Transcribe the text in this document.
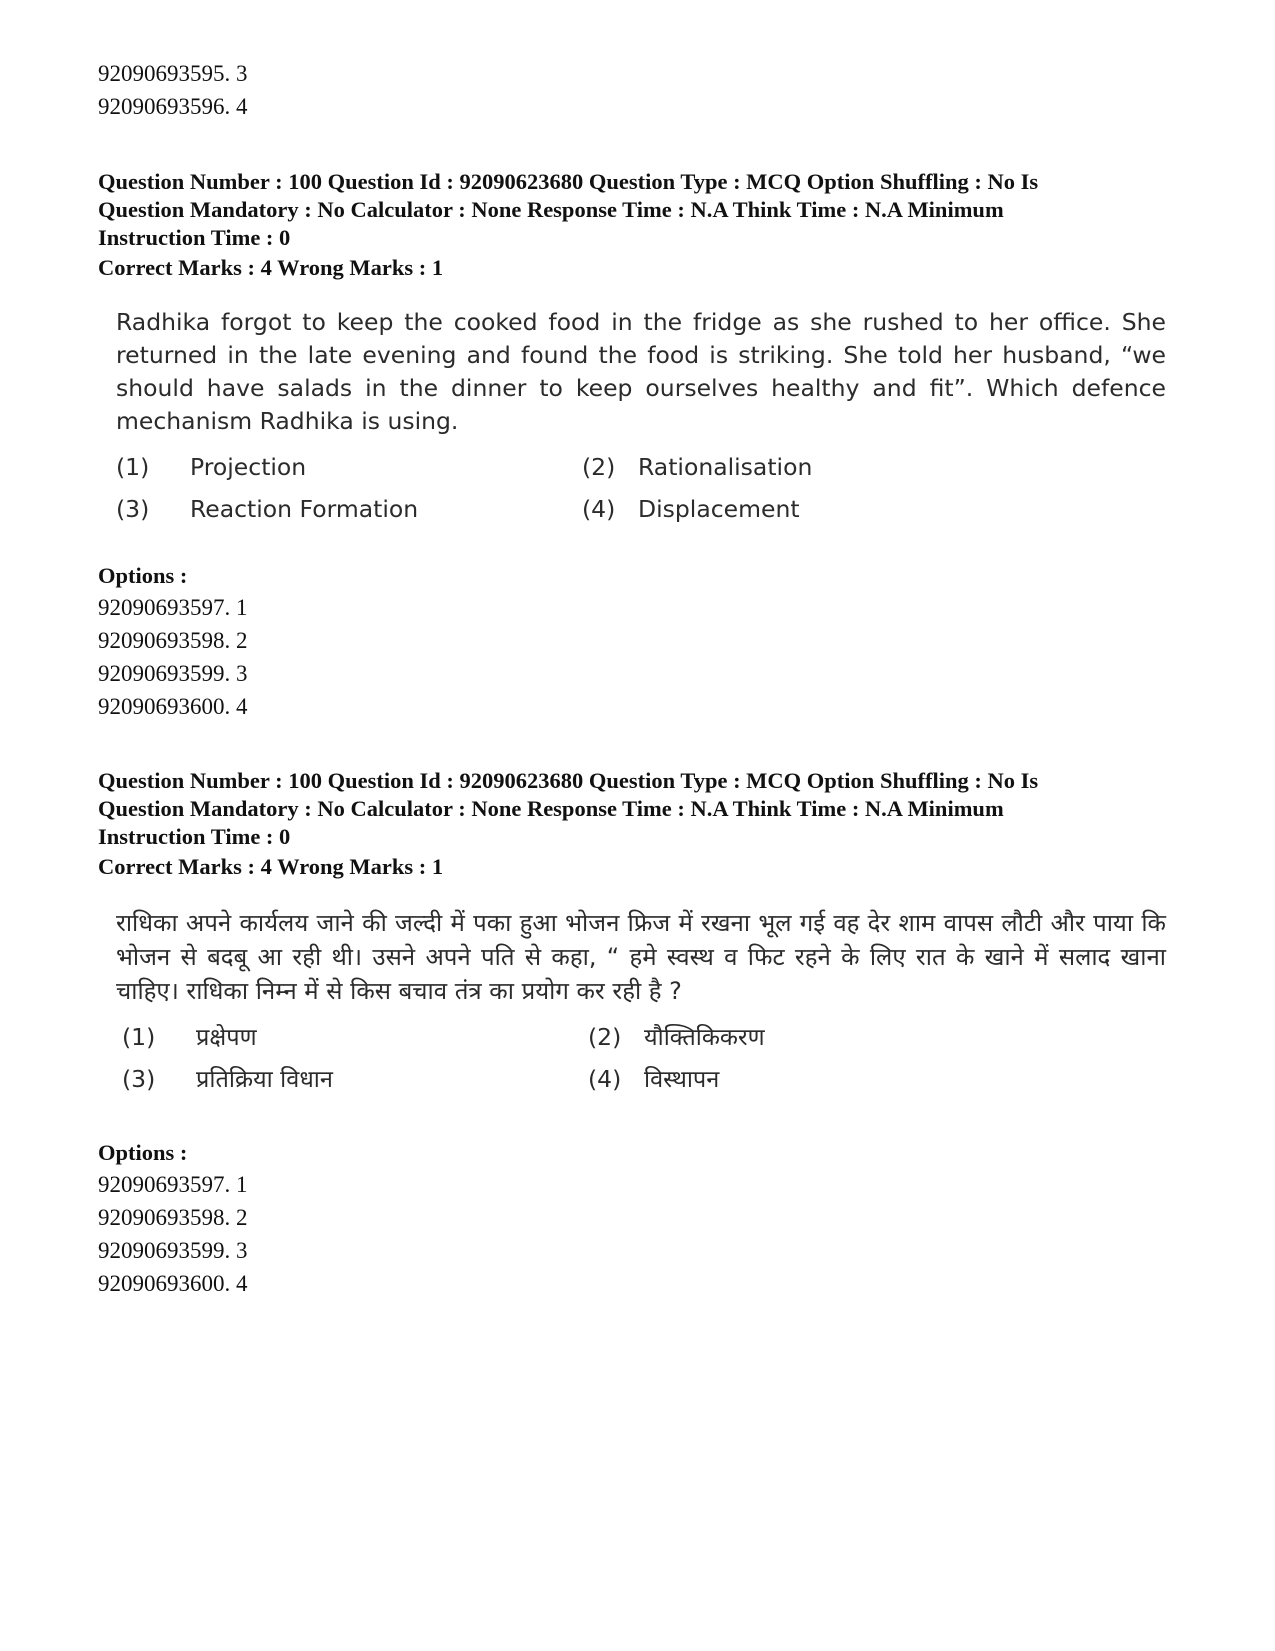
92090693595. 3
92090693596. 4
Question Number : 100 Question Id : 92090623680 Question Type : MCQ Option Shuffling : No Is
Question Mandatory : No Calculator : None Response Time : N.A Think Time : N.A Minimum
Instruction Time : 0
Correct Marks : 4 Wrong Marks : 1
Radhika forgot to keep the cooked food in the fridge as she rushed to her office. She returned in the late evening and found the food is striking. She told her husband, “we should have salads in the dinner to keep ourselves healthy and fit”. Which defence mechanism Radhika is using.
(1) Projection	(2) Rationalisation
(3) Reaction Formation	(4) Displacement
Options :
92090693597. 1
92090693598. 2
92090693599. 3
92090693600. 4
Question Number : 100 Question Id : 92090623680 Question Type : MCQ Option Shuffling : No Is
Question Mandatory : No Calculator : None Response Time : N.A Think Time : N.A Minimum
Instruction Time : 0
Correct Marks : 4 Wrong Marks : 1
राधिका अपने कार्यलय जाने की जल्दी में पका हुआ भोजन फ्रिज में रखना भूल गई वह देर शाम वापस लौटी और पाया कि भोजन से बदबू आ रही थी। उसने अपने पति से कहा, “ हमे स्वस्थ व फिट रहने के लिए रात के खाने में सलाद खाना चाहिए। राधिका निम्न में से किस बचाव तंत्र का प्रयोग कर रही है ?
(1) प्रक्षेपण	(2) यौक्तिकिकरण
(3) प्रतिक्रिया विधान	(4) विस्थापन
Options :
92090693597. 1
92090693598. 2
92090693599. 3
92090693600. 4
